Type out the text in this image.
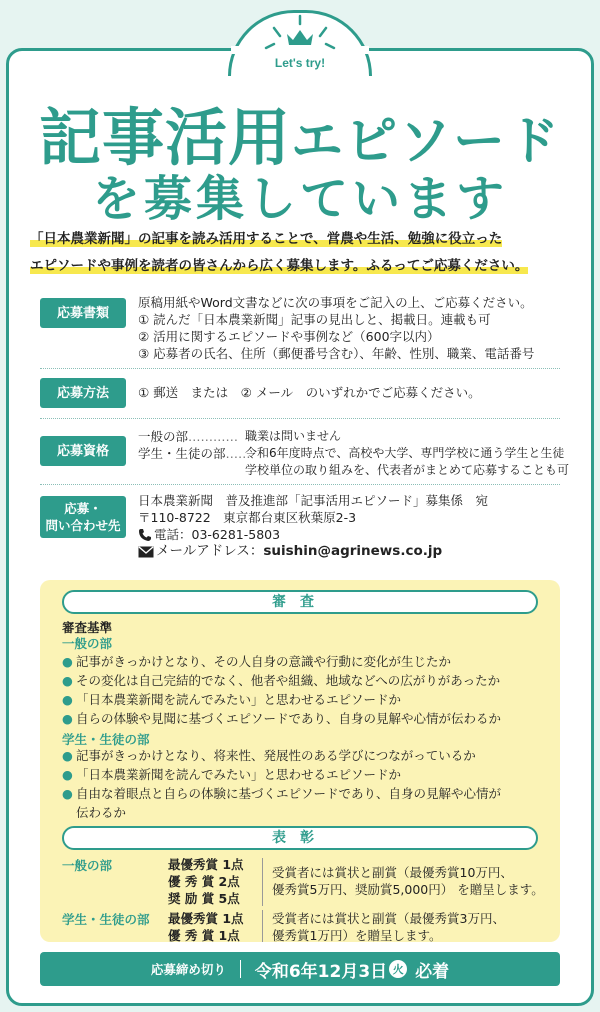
Let's try!
記事活用エピソード
を募集しています
「日本農業新聞」の記事を読み活用することで、営農や生活、勉強に役立った
エピソードや事例を読者の皆さんから広く募集します。ふるってご応募ください。
応募書類
原稿用紙やWord文書などに次の事項をご記入の上、ご応募ください。
① 読んだ「日本農業新聞」記事の見出しと、掲載日。連載も可
② 活用に関するエピソードや事例など（600字以内）
③ 応募者の氏名、住所（郵便番号含む）、年齢、性別、職業、電話番号
応募方法	① 郵送　または　② メール　のいずれかでご応募ください。
応募資格
一般の部…………
学生・生徒の部……
職業は問いません
令和6年度時点で、高校や大学、専門学校に通う学生と生徒
学校単位の取り組みを、代表者がまとめて応募することも可
応募・
問い合わせ先
日本農業新聞　普及推進部「記事活用エピソード」募集係　宛
〒110-8722　東京都台東区秋葉原2-3
電話：03-6281-5803
メールアドレス： suishin@agrinews.co.jp
審査
審査基準
一般の部
● 記事がきっかけとなり、その人自身の意識や行動に変化が生じたか
● その変化は自己完結的でなく、他者や組織、地域などへの広がりがあったか
● 「日本農業新聞を読んでみたい」と思わせるエピソードか
● 自らの体験や見聞に基づくエピソードであり、自身の見解や心情が伝わるか
学生・生徒の部
● 記事がきっかけとなり、将来性、発展性のある学びにつながっているか
● 「日本農業新聞を読んでみたい」と思わせるエピソードか
● 自由な着眼点と自らの体験に基づくエピソードであり、自身の見解や心情が
伝わるか
表彰
一般の部	最優秀賞 1点
優 秀 賞 2点
奨 励 賞 5点
受賞者には賞状と副賞（最優秀賞10万円、
優秀賞5万円、奨励賞5,000円） を贈呈します。
学生・生徒の部 最優秀賞 1点
優 秀 賞 1点
受賞者には賞状と副賞（最優秀賞3万円、
優秀賞1万円）を贈呈します。
応募締め切り 令和6年12月3日 火 必着
